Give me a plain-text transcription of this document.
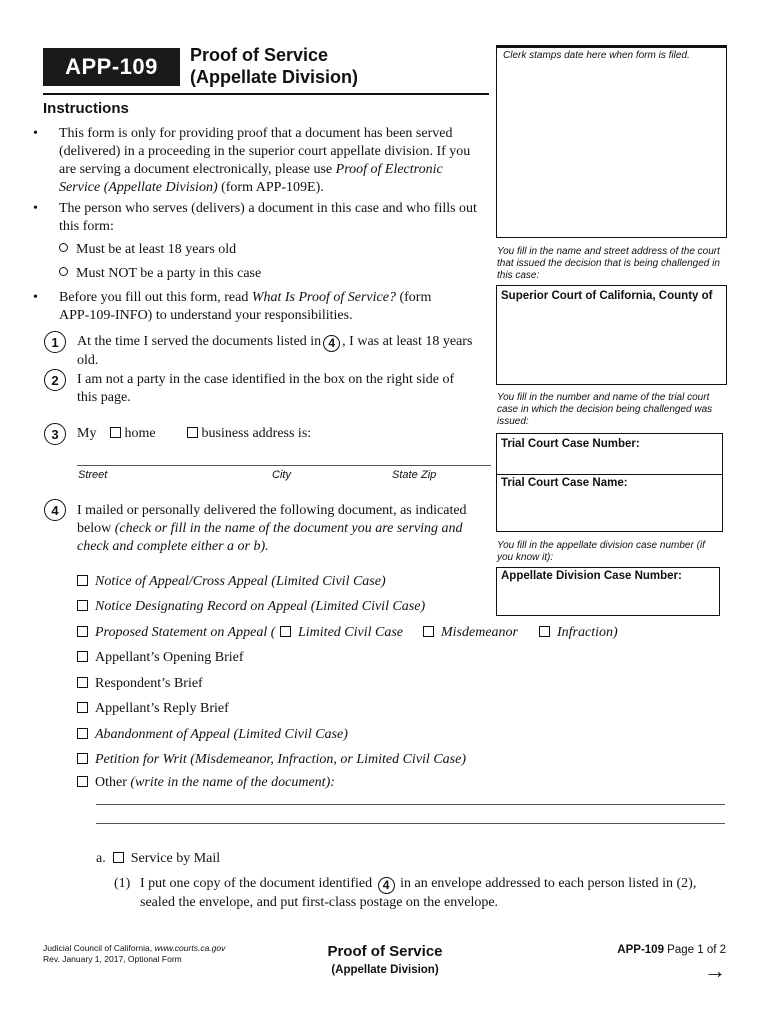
APP-109	Proof of Service
(Appellate Division)
Instructions
•	This form is only for providing proof that a document has been served
(delivered) in a proceeding in the superior court appellate division. If you
are serving a document electronically, please use Proof of Electronic
Service (Appellate Division) (form APP-109E).
•	The person who serves (delivers) a document in this case and who fills out
this form:
Must be at least 18 years old
Must NOT be a party in this case
•	Before you fill out this form, read What Is Proof of Service? (form
APP-109-INFO) to understand your responsibilities.
1	At the time I served the documents listed in 4 , I was at least 18 years old.
2	I am not a party in the case identified in the box on the right side of
this page.
3	My	home	business address is:
Street	City	State Zip
4	I mailed or personally delivered the following document, as indicated
below (check or fill in the name of the document you are serving and
check and complete either a or b).
Notice of Appeal/Cross Appeal (Limited Civil Case)
Notice Designating Record on Appeal (Limited Civil Case)
Proposed Statement on Appeal (	Limited Civil Case	Misdemeanor	Infraction)
Appellant’s Opening Brief
Respondent’s Brief
Appellant’s Reply Brief
Abandonment of Appeal (Limited Civil Case)
Petition for Writ (Misdemeanor, Infraction, or Limited Civil Case)
Other (write in the name of the document):
a. Service by Mail
(1) I put one copy of the document identified 4 in an envelope addressed to each person listed in (2),
sealed the envelope, and put first-class postage on the envelope.
Clerk stamps date here when form is filed.
You fill in the name and street address of the court
that issued the decision that is being challenged in
this case:
Superior Court of California, County of
You fill in the number and name of the trial court
case in which the decision being challenged was
issued:
Trial Court Case Number:
Trial Court Case Name:
You fill in the appellate division case number (if
you know it):
Appellate Division Case Number:
Judicial Council of California, www.courts.ca.gov
Rev. January 1, 2017, Optional Form	Proof of Service
(Appellate Division)
APP-109 Page 1 of 2
→
